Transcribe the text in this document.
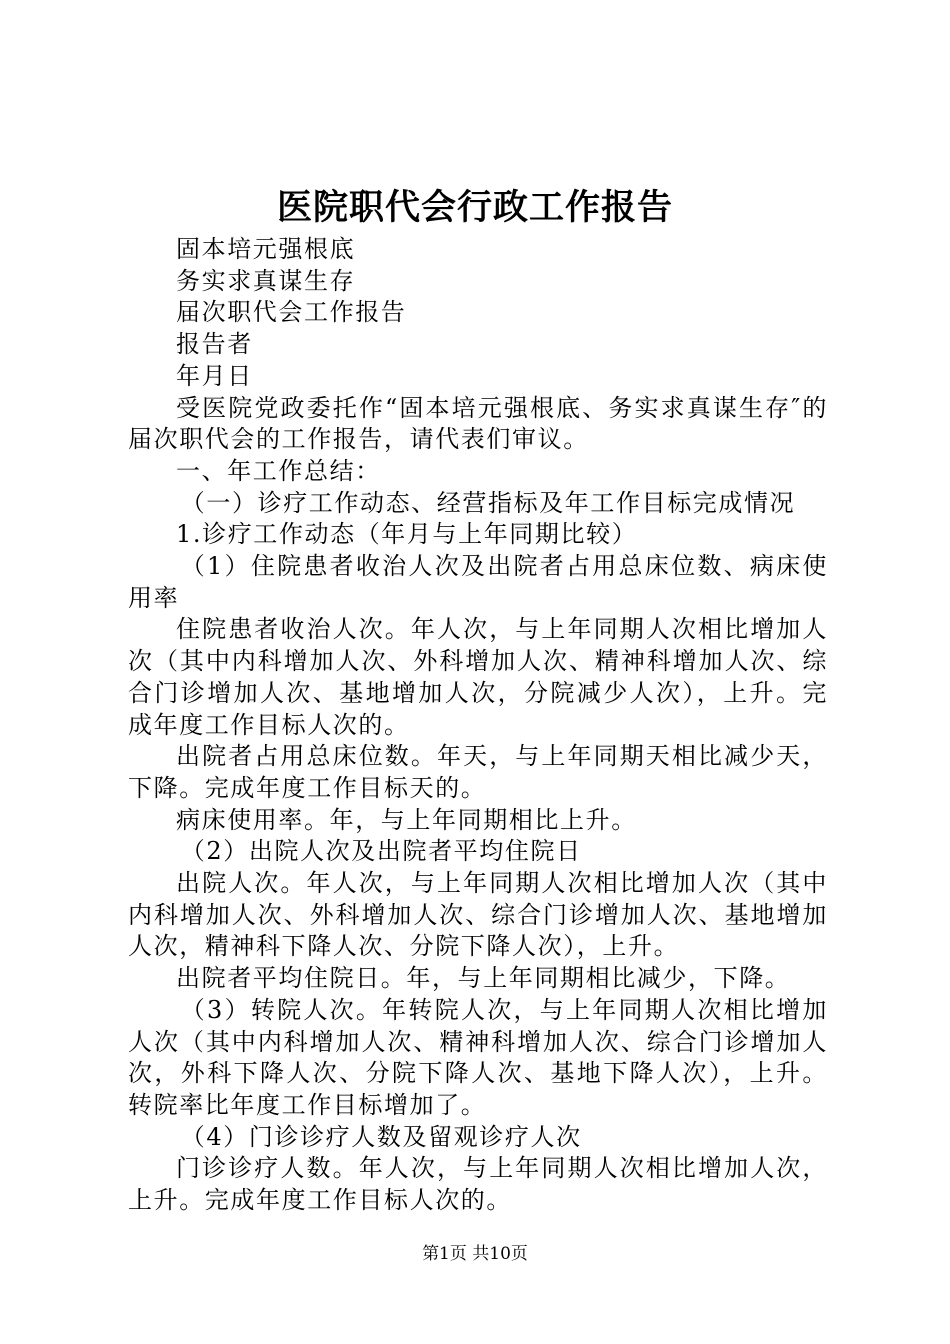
医院职代会行政工作报告

固本培元强根底

务实求真谋生存

届次职代会工作报告

报告者

年月日

受医院党政委托作“固本培元强根底、务实求真谋生存″的届次职代会的工作报告，请代表们审议。

一、年工作总结：

（一）诊疗工作动态、经营指标及年工作目标完成情况

1.诊疗工作动态（年月与上年同期比较）

（1）住院患者收治人次及出院者占用总床位数、病床使用率

住院患者收治人次。年人次，与上年同期人次相比增加人次（其中内科增加人次、外科增加人次、精神科增加人次、综合门诊增加人次、基地增加人次，分院减少人次），上升。完成年度工作目标人次的。

出院者占用总床位数。年天，与上年同期天相比减少天，下降。完成年度工作目标天的。

病床使用率。年，与上年同期相比上升。

（2）出院人次及出院者平均住院日

出院人次。年人次，与上年同期人次相比增加人次（其中内科增加人次、外科增加人次、综合门诊增加人次、基地增加人次，精神科下降人次、分院下降人次），上升。

出院者平均住院日。年，与上年同期相比减少，下降。

（3）转院人次。年转院人次，与上年同期人次相比增加人次（其中内科增加人次、精神科增加人次、综合门诊增加人次，外科下降人次、分院下降人次、基地下降人次），上升。转院率比年度工作目标增加了。

（4）门诊诊疗人数及留观诊疗人次

门诊诊疗人数。年人次，与上年同期人次相比增加人次，上升。完成年度工作目标人次的。

第1页 共10页
